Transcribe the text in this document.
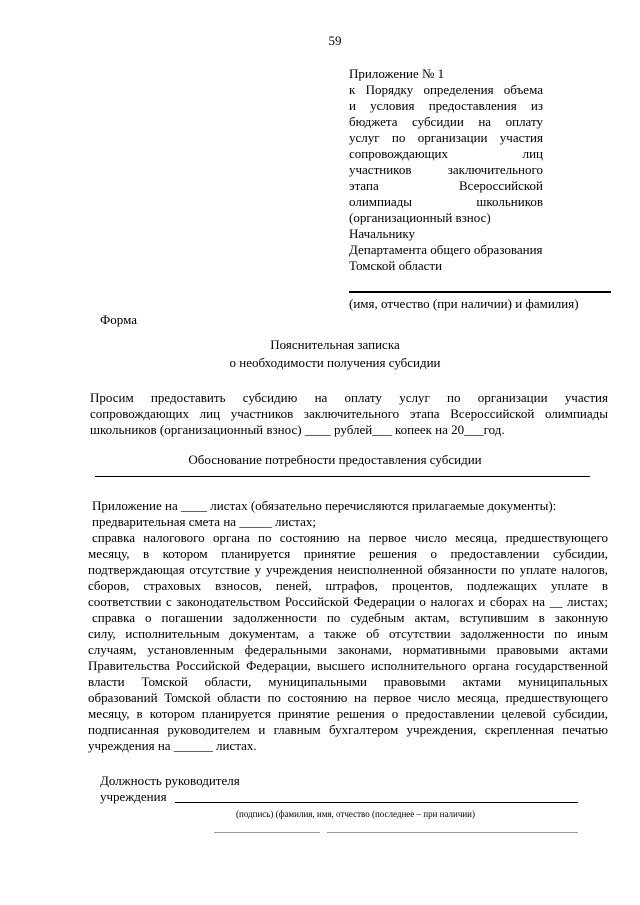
59
Приложение № 1
к Порядку определения объема
и условия предоставления из
бюджета субсидии на оплату
услуг по организации участия
сопровождающих	лиц
участников	заключительного
этапа	Всероссийской
олимпиады	школьников
(организационный взнос)
Начальнику
Департамента общего образования
Томской области
(имя, отчество (при наличии) и фамилия)
Форма
Пояснительная записка
о необходимости получения субсидии
Просим предоставить субсидию на оплату услуг по организации участия
сопровождающих лиц участников заключительного этапа Всероссийской олимпиады
школьников (организационный взнос) ____ рублей___ копеек на 20___год.
Обоснование потребности предоставления субсидии
Приложение на ____ листах (обязательно перечисляются прилагаемые документы):
предварительная смета на _____ листах;
справка налогового органа по состоянию на первое число месяца, предшествующего
месяцу, в котором планируется принятие решения о предоставлении субсидии,
подтверждающая отсутствие у учреждения неисполненной обязанности по уплате налогов,
сборов, страховых взносов, пеней, штрафов, процентов, подлежащих уплате в
соответствии с законодательством Российской Федерации о налогах и сборах на __ листах;
справка о погашении задолженности по судебным актам, вступившим в законную
силу, исполнительным документам, а также об отсутствии задолженности по иным
случаям, установленным федеральными законами, нормативными правовыми актами
Правительства Российской Федерации, высшего исполнительного органа государственной
власти Томской области, муниципальными правовыми актами муниципальных
образований Томской области по состоянию на первое число месяца, предшествующего
месяцу, в котором планируется принятие решения о предоставлении целевой субсидии,
подписанная руководителем и главным бухгалтером учреждения, скрепленная печатью
учреждения на ______ листах.
Должность руководителя
учреждения
(подпись) (фамилия, имя, отчество (последнее – при наличии)
